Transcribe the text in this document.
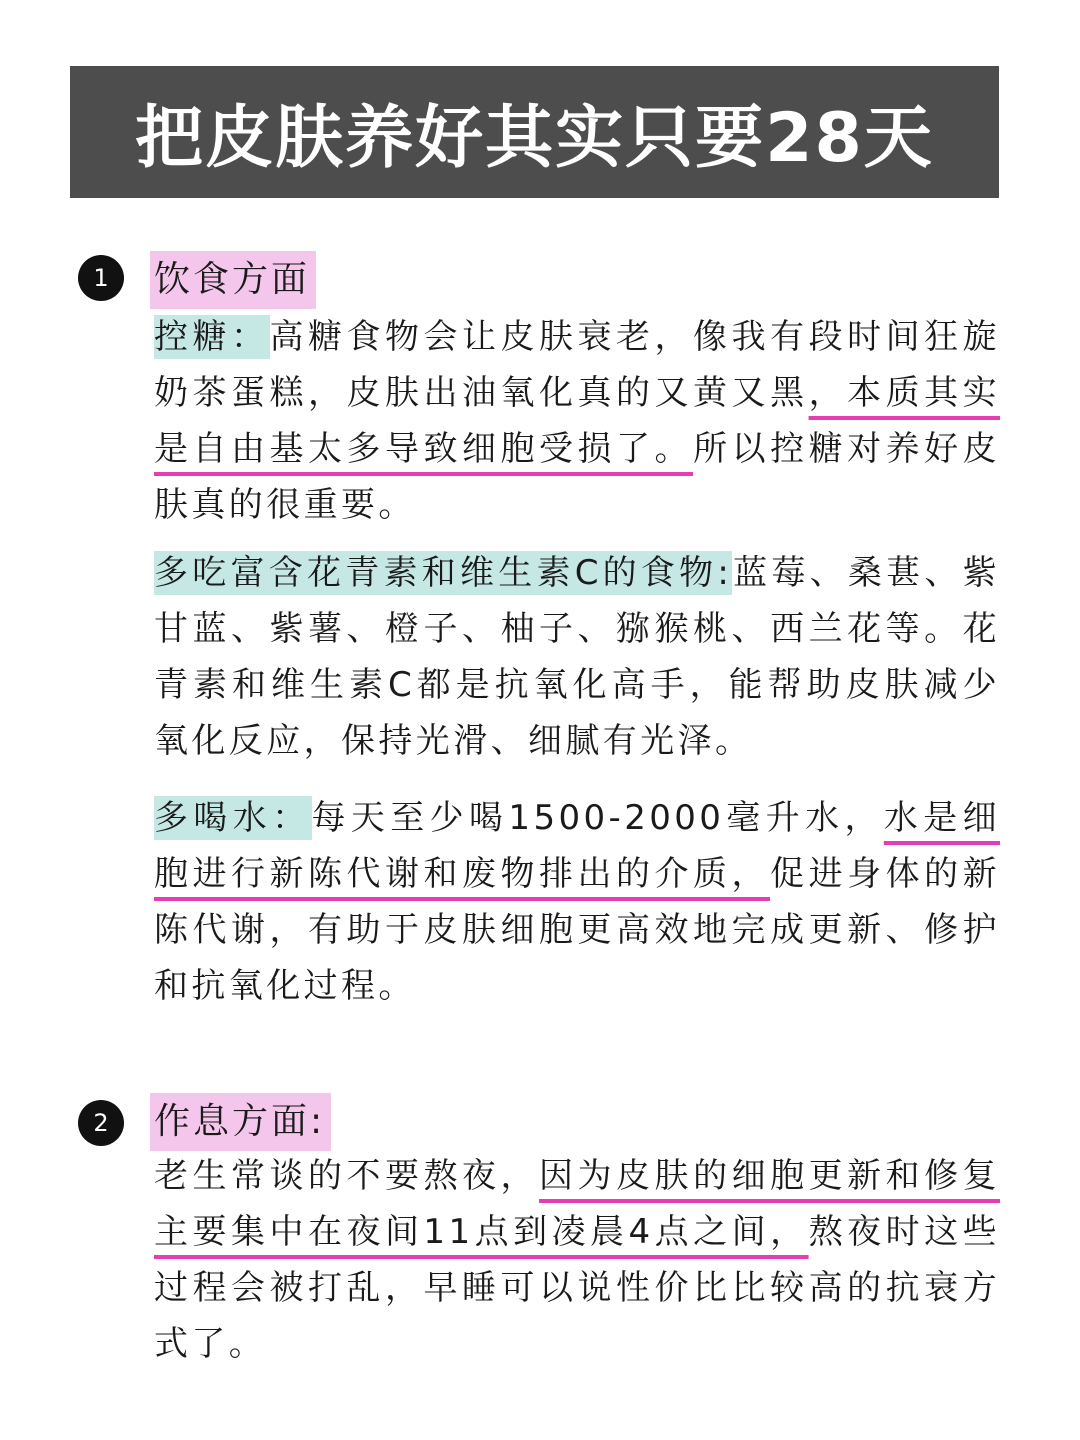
把皮肤养好其实只要28天
1	饮食方面

控糖：高糖食物会让皮肤衰老，像我有段时间狂旋奶茶蛋糕，皮肤出油氧化真的又黄又黑，本质其实是自由基太多导致细胞受损了。所以控糖对养好皮肤真的很重要。

多吃富含花青素和维生素C的食物:蓝莓、桑葚、紫甘蓝、紫薯、橙子、柚子、猕猴桃、西兰花等。花青素和维生素C都是抗氧化高手，能帮助皮肤减少氧化反应，保持光滑、细腻有光泽。

多喝水：每天至少喝1500-2000毫升水，水是细胞进行新陈代谢和废物排出的介质，促进身体的新陈代谢，有助于皮肤细胞更高效地完成更新、修护和抗氧化过程。

2	作息方面:

老生常谈的不要熬夜，因为皮肤的细胞更新和修复主要集中在夜间11点到凌晨4点之间，熬夜时这些过程会被打乱，早睡可以说性价比比较高的抗衰方式了。
